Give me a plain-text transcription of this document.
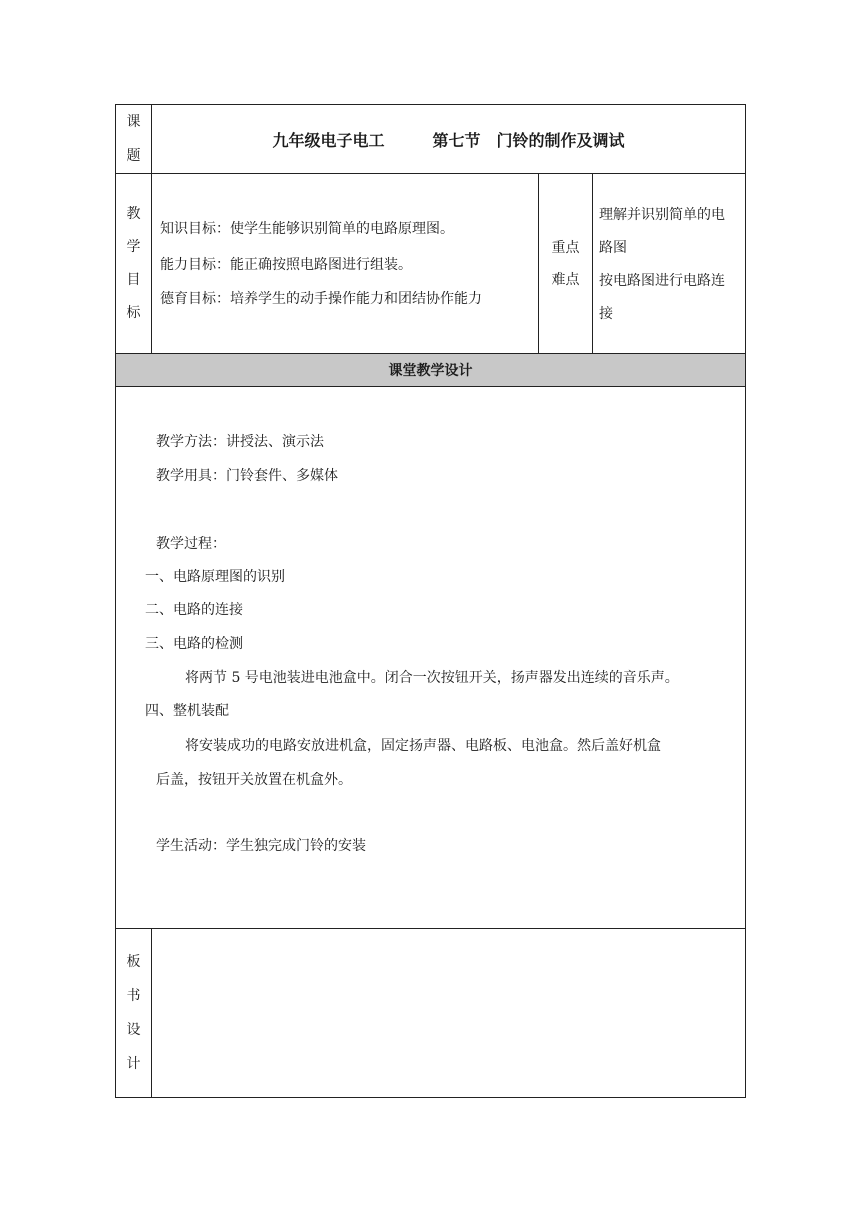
课
题
九年级电子电工　　　第七节　门铃的制作及调试
教
学
目
标
知识目标：使学生能够识别简单的电路原理图。
能力目标：能正确按照电路图进行组装。
德育目标：培养学生的动手操作能力和团结协作能力
重点
难点
理解并识别简单的电
路图
按电路图进行电路连
接
课堂教学设计
教学方法：讲授法、演示法
教学用具：门铃套件、多媒体
教学过程：
一、电路原理图的识别
二、电路的连接
三、电路的检测
将两节 5 号电池装进电池盒中。闭合一次按钮开关，扬声器发出连续的音乐声。
四、整机装配
将安装成功的电路安放进机盒，固定扬声器、电路板、电池盒。然后盖好机盒
后盖，按钮开关放置在机盒外。
学生活动：学生独完成门铃的安装
板
书
设
计
